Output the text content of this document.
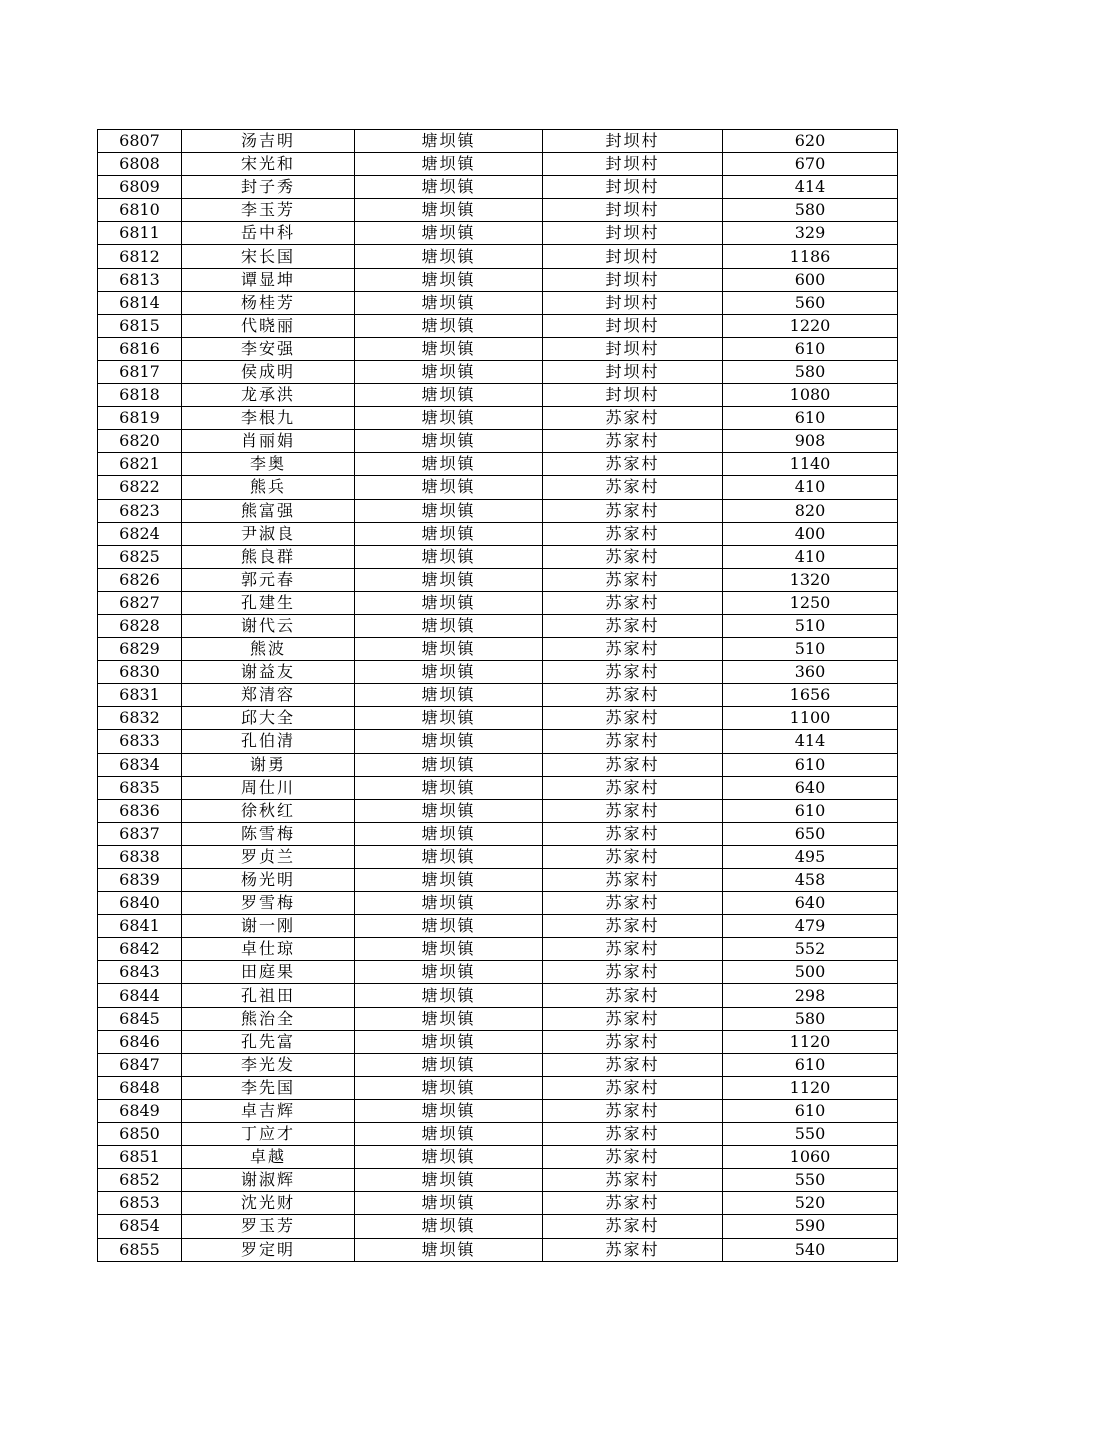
6807	汤吉明	塘坝镇	封坝村	620
6808	宋光和	塘坝镇	封坝村	670
6809	封子秀	塘坝镇	封坝村	414
6810	李玉芳	塘坝镇	封坝村	580
6811	岳中科	塘坝镇	封坝村	329
6812	宋长国	塘坝镇	封坝村	1186
6813	谭显坤	塘坝镇	封坝村	600
6814	杨桂芳	塘坝镇	封坝村	560
6815	代晓丽	塘坝镇	封坝村	1220
6816	李安强	塘坝镇	封坝村	610
6817	侯成明	塘坝镇	封坝村	580
6818	龙承洪	塘坝镇	封坝村	1080
6819	李根九	塘坝镇	苏家村	610
6820	肖丽娟	塘坝镇	苏家村	908
6821	李奥	塘坝镇	苏家村	1140
6822	熊兵	塘坝镇	苏家村	410
6823	熊富强	塘坝镇	苏家村	820
6824	尹淑良	塘坝镇	苏家村	400
6825	熊良群	塘坝镇	苏家村	410
6826	郭元春	塘坝镇	苏家村	1320
6827	孔建生	塘坝镇	苏家村	1250
6828	谢代云	塘坝镇	苏家村	510
6829	熊波	塘坝镇	苏家村	510
6830	谢益友	塘坝镇	苏家村	360
6831	郑清容	塘坝镇	苏家村	1656
6832	邱大全	塘坝镇	苏家村	1100
6833	孔伯清	塘坝镇	苏家村	414
6834	谢勇	塘坝镇	苏家村	610
6835	周仕川	塘坝镇	苏家村	640
6836	徐秋红	塘坝镇	苏家村	610
6837	陈雪梅	塘坝镇	苏家村	650
6838	罗贞兰	塘坝镇	苏家村	495
6839	杨光明	塘坝镇	苏家村	458
6840	罗雪梅	塘坝镇	苏家村	640
6841	谢一刚	塘坝镇	苏家村	479
6842	卓仕琼	塘坝镇	苏家村	552
6843	田庭果	塘坝镇	苏家村	500
6844	孔祖田	塘坝镇	苏家村	298
6845	熊治全	塘坝镇	苏家村	580
6846	孔先富	塘坝镇	苏家村	1120
6847	李光发	塘坝镇	苏家村	610
6848	李先国	塘坝镇	苏家村	1120
6849	卓吉辉	塘坝镇	苏家村	610
6850	丁应才	塘坝镇	苏家村	550
6851	卓越	塘坝镇	苏家村	1060
6852	谢淑辉	塘坝镇	苏家村	550
6853	沈光财	塘坝镇	苏家村	520
6854	罗玉芳	塘坝镇	苏家村	590
6855	罗定明	塘坝镇	苏家村	540
